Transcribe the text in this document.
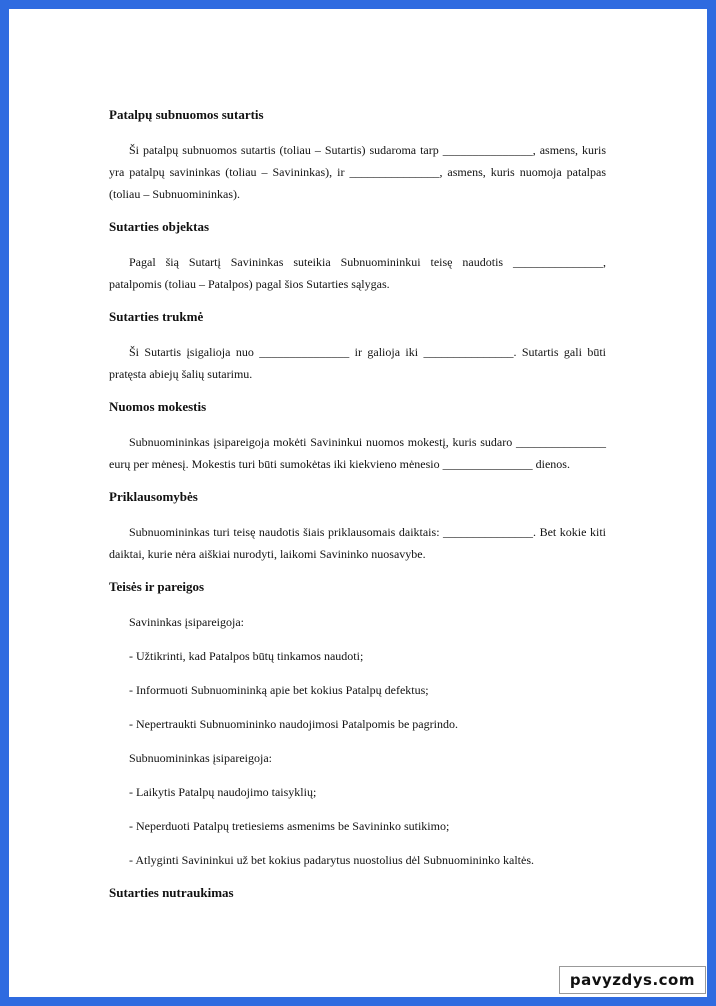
Patalpų subnuomos sutartis

Ši patalpų subnuomos sutartis (toliau – Sutartis) sudaroma tarp _______________, asmens, kuris yra patalpų savininkas (toliau – Savininkas), ir _______________, asmens, kuris nuomoja patalpas (toliau – Subnuomininkas).

Sutarties objektas

Pagal šią Sutartį Savininkas suteikia Subnuomininkui teisę naudotis _______________, patalpomis (toliau – Patalpos) pagal šios Sutarties sąlygas.

Sutarties trukmė

Ši Sutartis įsigalioja nuo _______________ ir galioja iki _______________. Sutartis gali būti pratęsta abiejų šalių sutarimu.

Nuomos mokestis

Subnuomininkas įsipareigoja mokėti Savininkui nuomos mokestį, kuris sudaro _______________ eurų per mėnesį. Mokestis turi būti sumokėtas iki kiekvieno mėnesio _______________ dienos.

Priklausomybės

Subnuomininkas turi teisę naudotis šiais priklausomais daiktais: _______________. Bet kokie kiti daiktai, kurie nėra aiškiai nurodyti, laikomi Savininko nuosavybe.

Teisės ir pareigos

Savininkas įsipareigoja:

- Užtikrinti, kad Patalpos būtų tinkamos naudoti;

- Informuoti Subnuomininką apie bet kokius Patalpų defektus;

- Nepertraukti Subnuomininko naudojimosi Patalpomis be pagrindo.

Subnuomininkas įsipareigoja:

- Laikytis Patalpų naudojimo taisyklių;

- Neperduoti Patalpų tretiesiems asmenims be Savininko sutikimo;

- Atlyginti Savininkui už bet kokius padarytus nuostolius dėl Subnuomininko kaltės.

Sutarties nutraukimas
pavyzdys.com
